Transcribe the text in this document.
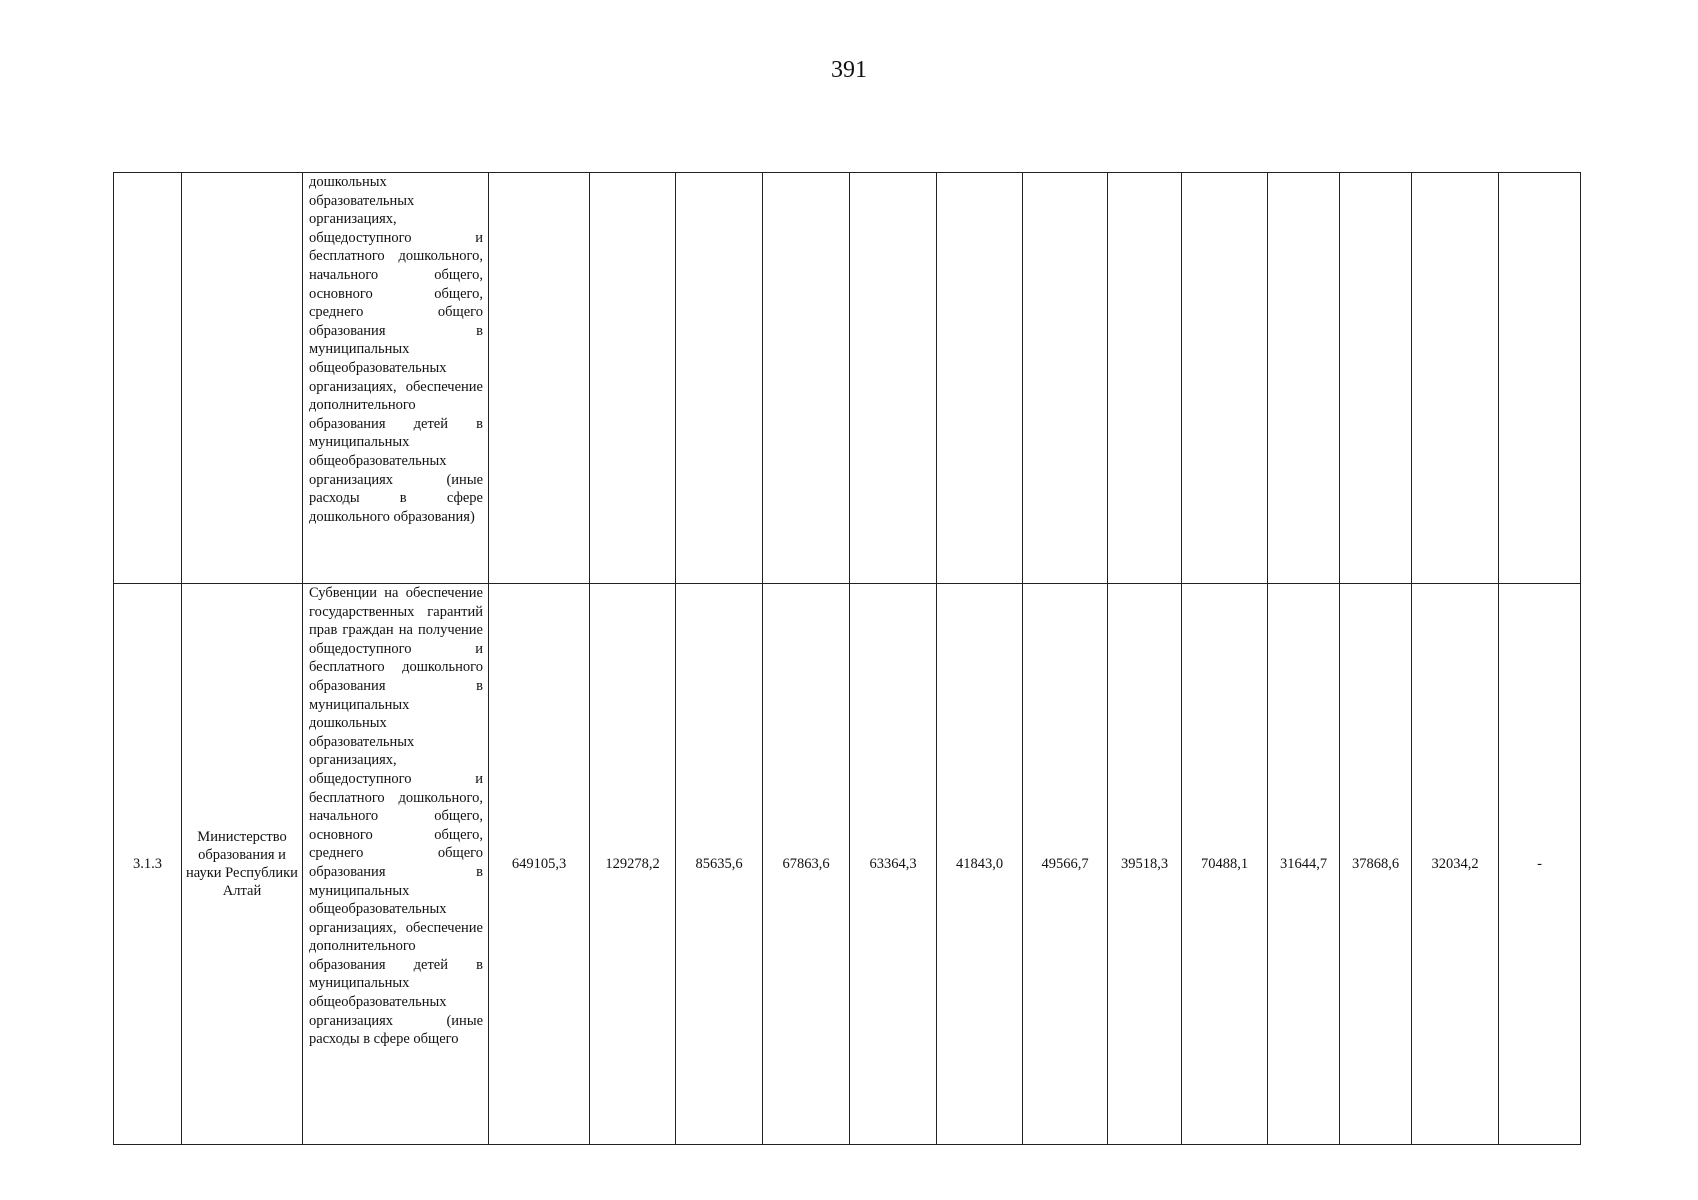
391
		дошкольных образовательных организациях, общедоступного и бесплатного дошкольного, начального общего, основного общего, среднего общего образования в муниципальных общеобразовательных организациях, обеспечение дополнительного образования детей в муниципальных общеобразовательных организациях (иные расходы в сфере дошкольного образования)													
3.1.3	Министерство образования и науки Республики Алтай	Субвенции на обеспечение государственных гарантий прав граждан на получение общедоступного и бесплатного дошкольного образования в муниципальных дошкольных образовательных организациях, общедоступного и бесплатного дошкольного, начального общего, основного общего, среднего общего образования в муниципальных общеобразовательных организациях, обеспечение дополнительного образования детей в муниципальных общеобразовательных организациях (иные расходы в сфере общего	649105,3	129278,2	85635,6	67863,6	63364,3	41843,0	49566,7	39518,3	70488,1	31644,7	37868,6	32034,2	-
